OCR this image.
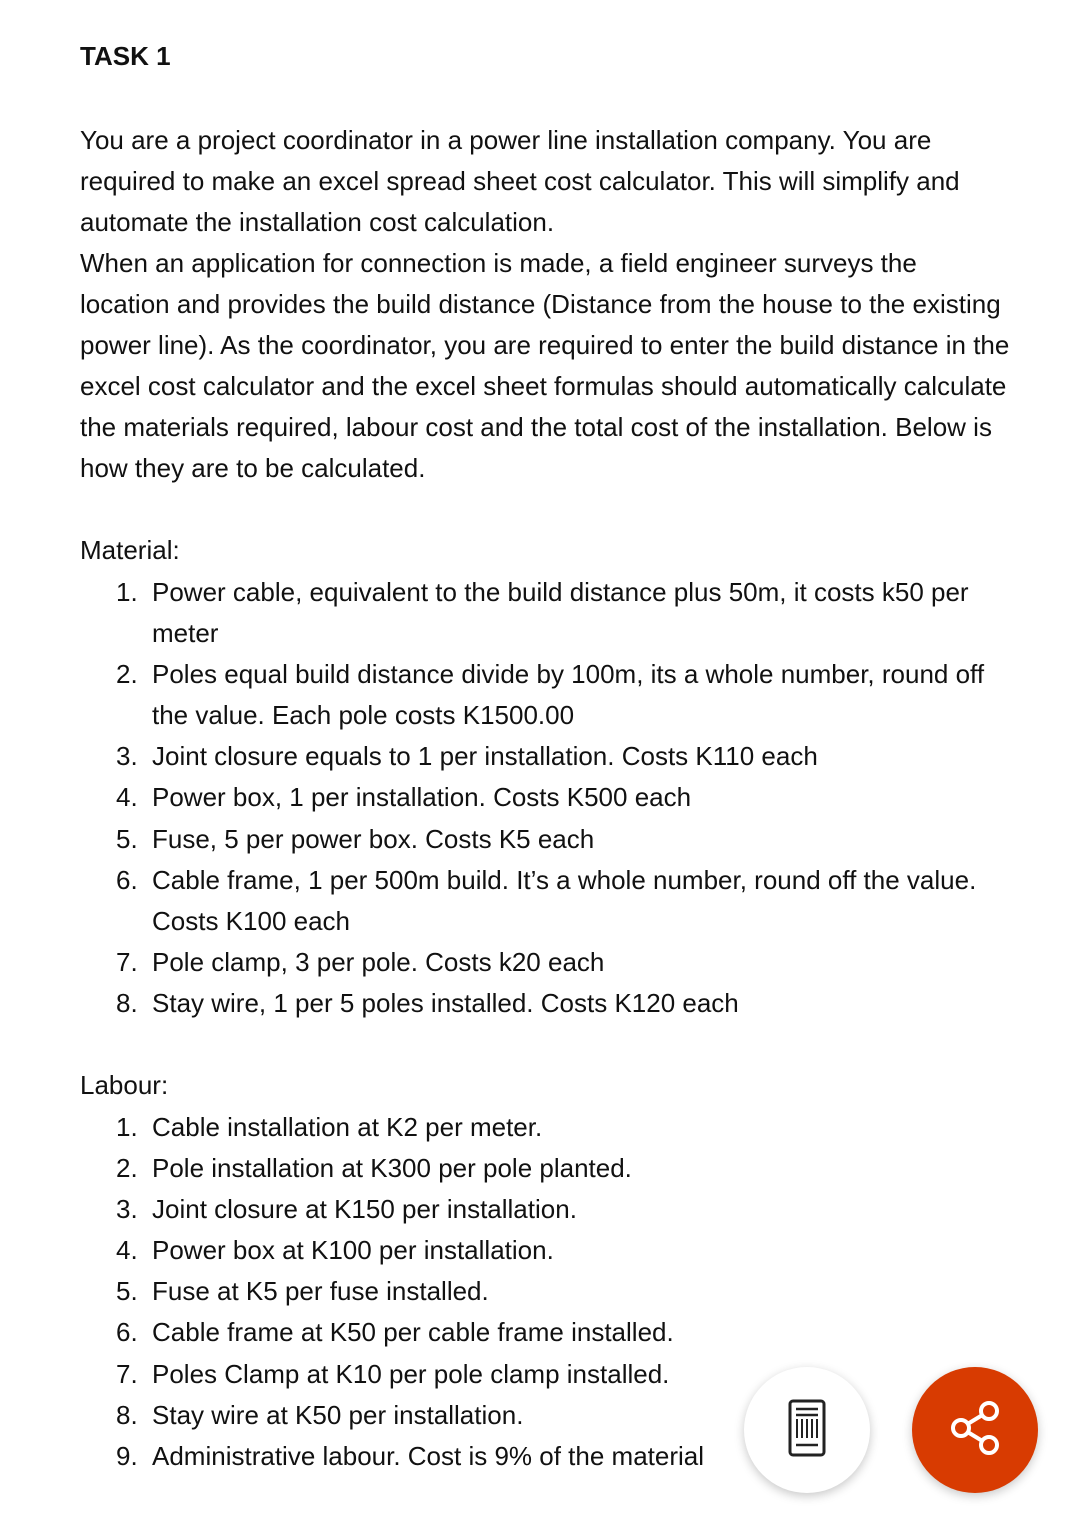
TASK 1

You are a project coordinator in a power line installation company. You are required to make an excel spread sheet cost calculator. This will simplify and automate the installation cost calculation.

When an application for connection is made, a field engineer surveys the location and provides the build distance (Distance from the house to the existing power line). As the coordinator, you are required to enter the build distance in the excel cost calculator and the excel sheet formulas should automatically calculate the materials required, labour cost and the total cost of the installation. Below is how they are to be calculated.

Material:

1. Power cable, equivalent to the build distance plus 50m, it costs k50 per meter
2. Poles equal build distance divide by 100m, its a whole number, round off the value. Each pole costs K1500.00
3. Joint closure equals to 1 per installation. Costs K110 each
4. Power box, 1 per installation. Costs K500 each
5. Fuse, 5 per power box. Costs K5 each
6. Cable frame, 1 per 500m build. It’s a whole number, round off the value. Costs K100 each
7. Pole clamp, 3 per pole. Costs k20 each
8. Stay wire, 1 per 5 poles installed. Costs K120 each

Labour:

1. Cable installation at K2 per meter.
2. Pole installation at K300 per pole planted.
3. Joint closure at K150 per installation.
4. Power box at K100 per installation.
5. Fuse at K5 per fuse installed.
6. Cable frame at K50 per cable frame installed.
7. Poles Clamp at K10 per pole clamp installed.
8. Stay wire at K50 per installation.
9. Administrative labour. Cost is 9% of the material
